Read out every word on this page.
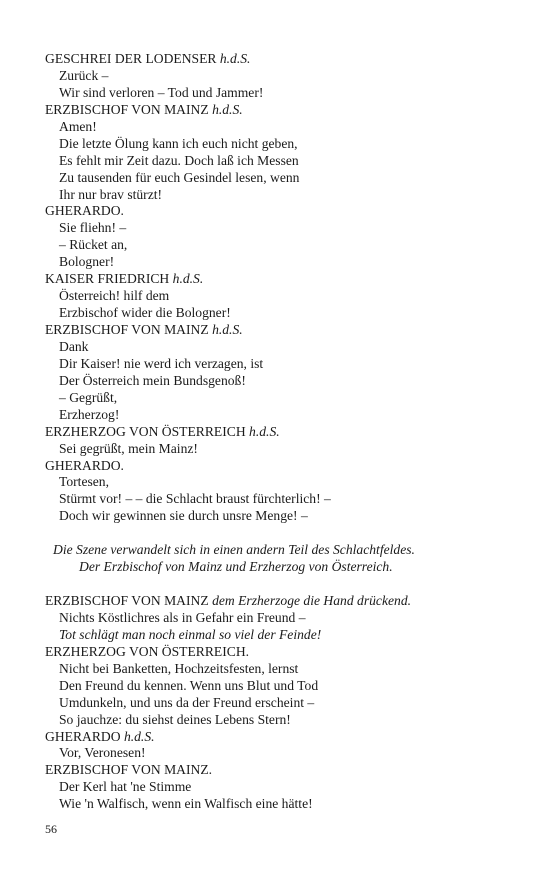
GESCHREI DER LODENSER h.d.S.
Zurück –
Wir sind verloren – Tod und Jammer!
ERZBISCHOF VON MAINZ h.d.S.
Amen!
Die letzte Ölung kann ich euch nicht geben,
Es fehlt mir Zeit dazu. Doch laß ich Messen
Zu tausenden für euch Gesindel lesen, wenn
Ihr nur brav stürzt!
GHERARDO.
Sie fliehn! –
– Rücket an,
Bologner!
KAISER FRIEDRICH h.d.S.
Österreich! hilf dem
Erzbischof wider die Bologner!
ERZBISCHOF VON MAINZ h.d.S.
Dank
Dir Kaiser! nie werd ich verzagen, ist
Der Österreich mein Bundsgenoß!
– Gegrüßt,
Erzherzog!
ERZHERZOG VON ÖSTERREICH h.d.S.
Sei gegrüßt, mein Mainz!
GHERARDO.
Tortesen,
Stürmt vor! – – die Schlacht braust fürchterlich! –
Doch wir gewinnen sie durch unsre Menge! –
Die Szene verwandelt sich in einen andern Teil des Schlachtfeldes.
Der Erzbischof von Mainz und Erzherzog von Österreich.
ERZBISCHOF VON MAINZ dem Erzherzoge die Hand drückend.
Nichts Köstlichres als in Gefahr ein Freund –
Tot schlägt man noch einmal so viel der Feinde!
ERZHERZOG VON ÖSTERREICH.
Nicht bei Banketten, Hochzeitsfesten, lernst
Den Freund du kennen. Wenn uns Blut und Tod
Umdunkeln, und uns da der Freund erscheint –
So jauchze: du siehst deines Lebens Stern!
GHERARDO h.d.S.
Vor, Veronesen!
ERZBISCHOF VON MAINZ.
Der Kerl hat 'ne Stimme
Wie 'n Walfisch, wenn ein Walfisch eine hätte!
56
